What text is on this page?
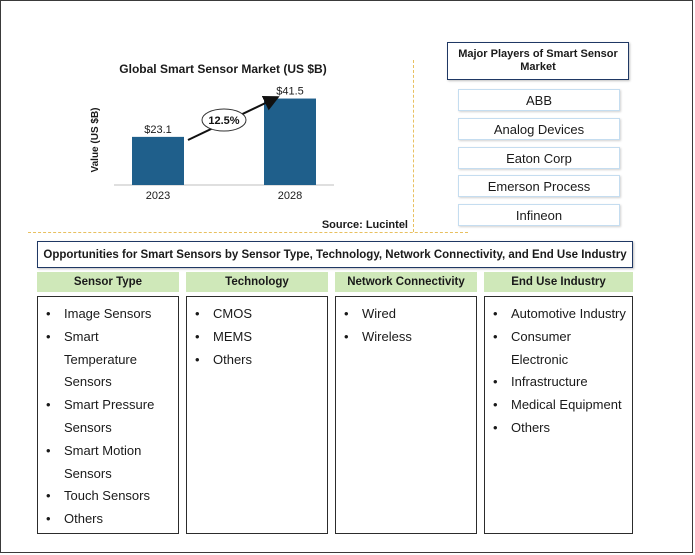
Global Smart Sensor Market (US $B)
Value (US $B)	$23.1
2023
$41.5
2028
12.5%
Source: Lucintel
Major Players of Smart Sensor Market
ABB
Analog Devices
Eaton Corp
Emerson Process
Infineon
Opportunities for Smart Sensors by Sensor Type, Technology, Network Connectivity, and End Use Industry
Sensor Type
• Image Sensors
• Smart Temperature Sensors
• Smart Pressure Sensors
• Smart Motion Sensors
• Touch Sensors
• Others
Technology
• CMOS
• MEMS
• Others
Network Connectivity
• Wired
• Wireless
End Use Industry
• Automotive Industry
• Consumer Electronic
• Infrastructure
• Medical Equipment
• Others
